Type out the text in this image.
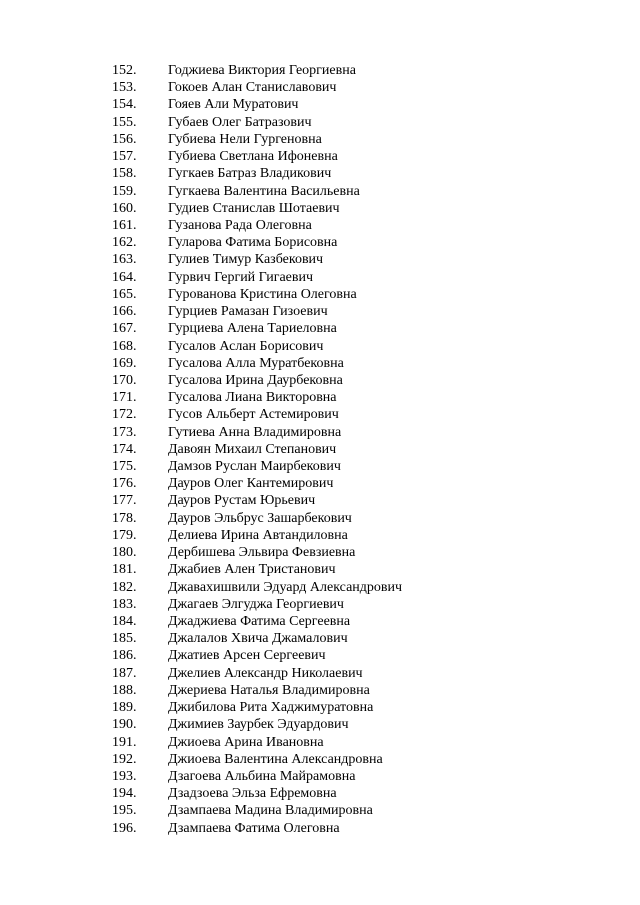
152.	Годжиева Виктория Георгиевна
153.	Гокоев Алан Станиславович
154.	Гояев Али Муратович
155.	Губаев Олег Батразович
156.	Губиева Нели Гургеновна
157.	Губиева Светлана Ифоневна
158.	Гугкаев Батраз Владикович
159.	Гугкаева Валентина Васильевна
160.	Гудиев Станислав Шотаевич
161.	Гузанова Рада Олеговна
162.	Гуларова Фатима Борисовна
163.	Гулиев Тимур Казбекович
164.	Гурвич Гергий Гигаевич
165.	Гурованова Кристина Олеговна
166.	Гурциев Рамазан Гизоевич
167.	Гурциева Алена Тариеловна
168.	Гусалов Аслан Борисович
169.	Гусалова Алла Муратбековна
170.	Гусалова Ирина Даурбековна
171.	Гусалова Лиана Викторовна
172.	Гусов Альберт Астемирович
173.	Гутиева Анна Владимировна
174.	Давоян Михаил Степанович
175.	Дамзов Руслан Маирбекович
176.	Дауров Олег Кантемирович
177.	Дауров Рустам Юрьевич
178.	Дауров Эльбрус Зашарбекович
179.	Делиева Ирина Автандиловна
180.	Дербишева Эльвира Февзиевна
181.	Джабиев Ален Тристанович
182.	Джавахишвили Эдуард Александрович
183.	Джагаев Элгуджа Георгиевич
184.	Джаджиева Фатима Сергеевна
185.	Джалалов Хвича Джамалович
186.	Джатиев Арсен Сергеевич
187.	Джелиев Александр Николаевич
188.	Джериева Наталья Владимировна
189.	Джибилова Рита Хаджимуратовна
190.	Джимиев Заурбек Эдуардович
191.	Джиоева Арина Ивановна
192.	Джиоева Валентина Александровна
193.	Дзагоева Альбина Майрамовна
194.	Дзадзоева Эльза Ефремовна
195.	Дзампаева Мадина Владимировна
196.	Дзампаева Фатима Олеговна
